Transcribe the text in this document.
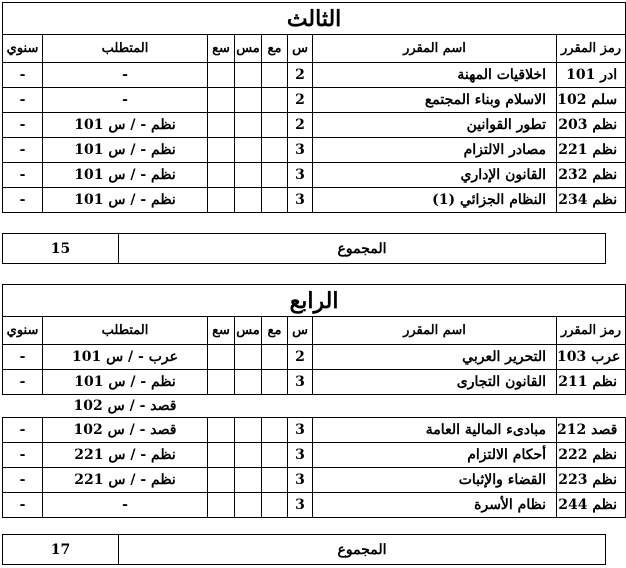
الثالث							
سنوي	المتطلب	سع	مس	مع	س	اسم المقرر	رمز المقرر
-	-				2	اخلاقيات المهنة	101 ادر
-	-				2	الاسلام وبناء المجتمع	102 سلم
-	101 نظم - / س				2	تطور القوانين	203 نظم
-	101 نظم - / س				3	مصادر الالتزام	221 نظم
-	101 نظم - / س				3	القانون الإداري	232 نظم
-	101 نظم - / س				3	النظام الجزائي (1)	234 نظم
15	المجموع
الرابع							
سنوي	المتطلب	سع	مس	مع	س	اسم المقرر	رمز المقرر
-	101 عرب - / س				2	التحرير العربي	103 عرب
-	101 نظم - / س				3	القانون التجارى	211 نظم
	102 قصد - / س						
-	102 قصد - / س				3	مبادىء المالية العامة	212 قصد
-	221 نظم - / س				3	أحكام الالتزام	222 نظم
-	221 نظم - / س				3	القضاء والإثبات	223 نظم
-	-				3	نظام الأسرة	244 نظم
17	المجموع
